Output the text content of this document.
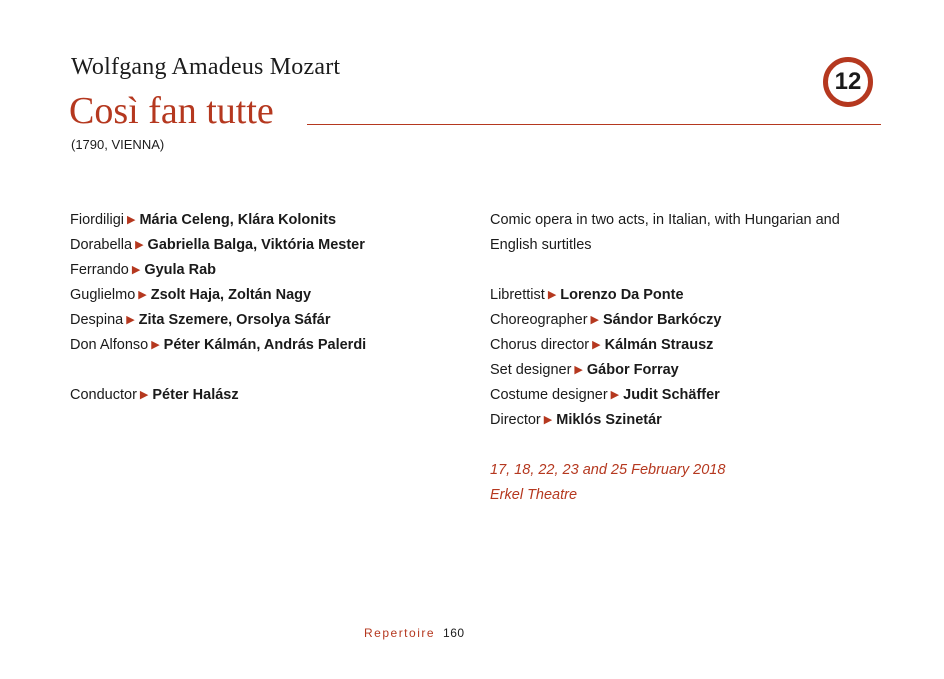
Wolfgang Amadeus Mozart
Così fan tutte
(1790, VIENNA)
12
Fiordiligi ▶ Mária Celeng, Klára Kolonits
Dorabella ▶ Gabriella Balga, Viktória Mester
Ferrando ▶ Gyula Rab
Guglielmo ▶ Zsolt Haja, Zoltán Nagy
Despina ▶ Zita Szemere, Orsolya Sáfár
Don Alfonso ▶ Péter Kálmán, András Palerdi
Conductor ▶ Péter Halász
Comic opera in two acts, in Italian, with Hungarian and
English surtitles
Librettist ▶ Lorenzo Da Ponte
Choreographer ▶ Sándor Barkóczy
Chorus director ▶ Kálmán Strausz
Set designer ▶ Gábor Forray
Costume designer ▶ Judit Schäffer
Director ▶ Miklós Szinetár
17, 18, 22, 23 and 25 February 2018
Erkel Theatre
Repertoire 160
